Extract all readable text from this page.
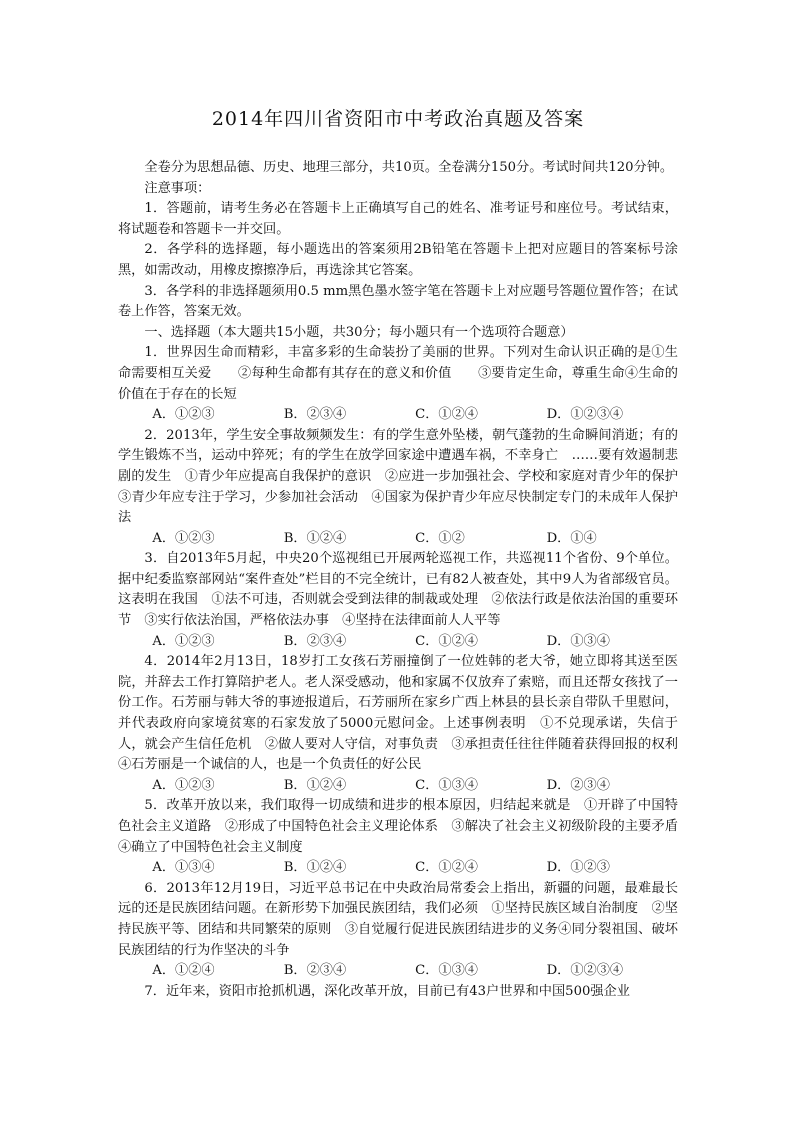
2014年四川省资阳市中考政治真题及答案

全卷分为思想品德、历史、地理三部分，共10页。全卷满分150分。考试时间共120分钟。

注意事项：

1．答题前，请考生务必在答题卡上正确填写自己的姓名、准考证号和座位号。考试结束，将试题卷和答题卡一并交回。

2．各学科的选择题，每小题选出的答案须用2B铅笔在答题卡上把对应题目的答案标号涂黑，如需改动，用橡皮擦擦净后，再选涂其它答案。

3．各学科的非选择题须用0.5 mm黑色墨水签字笔在答题卡上对应题号答题位置作答；在试卷上作答，答案无效。

一、选择题（本大题共15小题，共30分；每小题只有一个选项符合题意）

1．世界因生命而精彩，丰富多彩的生命装扮了美丽的世界。下列对生命认识正确的是①生命需要相互关爱　　②每种生命都有其存在的意义和价值　　③要肯定生命，尊重生命④生命的价值在于存在的长短

A．①②③	B．②③④	C．①②④	D．①②③④

2．2013年，学生安全事故频频发生：有的学生意外坠楼，朝气蓬勃的生命瞬间消逝；有的学生锻炼不当，运动中猝死；有的学生在放学回家途中遭遇车祸，不幸身亡　……要有效遏制悲剧的发生　①青少年应提高自我保护的意识　②应进一步加强社会、学校和家庭对青少年的保护　③青少年应专注于学习，少参加社会活动　④国家为保护青少年应尽快制定专门的未成年人保护法

A．①②③	B．①②④	C．①②	D．①④

3．自2013年5月起，中央20个巡视组已开展两轮巡视工作，共巡视11个省份、9个单位。据中纪委监察部网站“案件查处”栏目的不完全统计，已有82人被查处，其中9人为省部级官员。这表明在我国　①法不可违，否则就会受到法律的制裁或处理　②依法行政是依法治国的重要环节　③实行依法治国，严格依法办事　④坚持在法律面前人人平等

A．①②③	B．②③④	C．①②④	D．①③④

4．2014年2月13日，18岁打工女孩石芳丽撞倒了一位姓韩的老大爷，她立即将其送至医院，并辞去工作打算陪护老人。老人深受感动，他和家属不仅放弃了索赔，而且还帮女孩找了一份工作。石芳丽与韩大爷的事迹报道后，石芳丽所在家乡广西上林县的县长亲自带队千里慰问，并代表政府向家境贫寒的石家发放了5000元慰问金。上述事例表明　①不兑现承诺，失信于人，就会产生信任危机　②做人要对人守信，对事负责　③承担责任往往伴随着获得回报的权利　④石芳丽是一个诚信的人，也是一个负责任的好公民

A．①②③	B．①②④	C．①③④	D．②③④

5．改革开放以来，我们取得一切成绩和进步的根本原因，归结起来就是　①开辟了中国特色社会主义道路　②形成了中国特色社会主义理论体系　③解决了社会主义初级阶段的主要矛盾　④确立了中国特色社会主义制度

A．①③④	B．①②④	C．①②④	D．①②③

6．2013年12月19日，习近平总书记在中央政治局常委会上指出，新疆的问题，最难最长远的还是民族团结问题。在新形势下加强民族团结，我们必须　①坚持民族区域自治制度　②坚持民族平等、团结和共同繁荣的原则　③自觉履行促进民族团结进步的义务④同分裂祖国、破坏民族团结的行为作坚决的斗争

A．①②④	B．②③④	C．①③④	D．①②③④

7．近年来，资阳市抢抓机遇，深化改革开放，目前已有43户世界和中国500强企业
